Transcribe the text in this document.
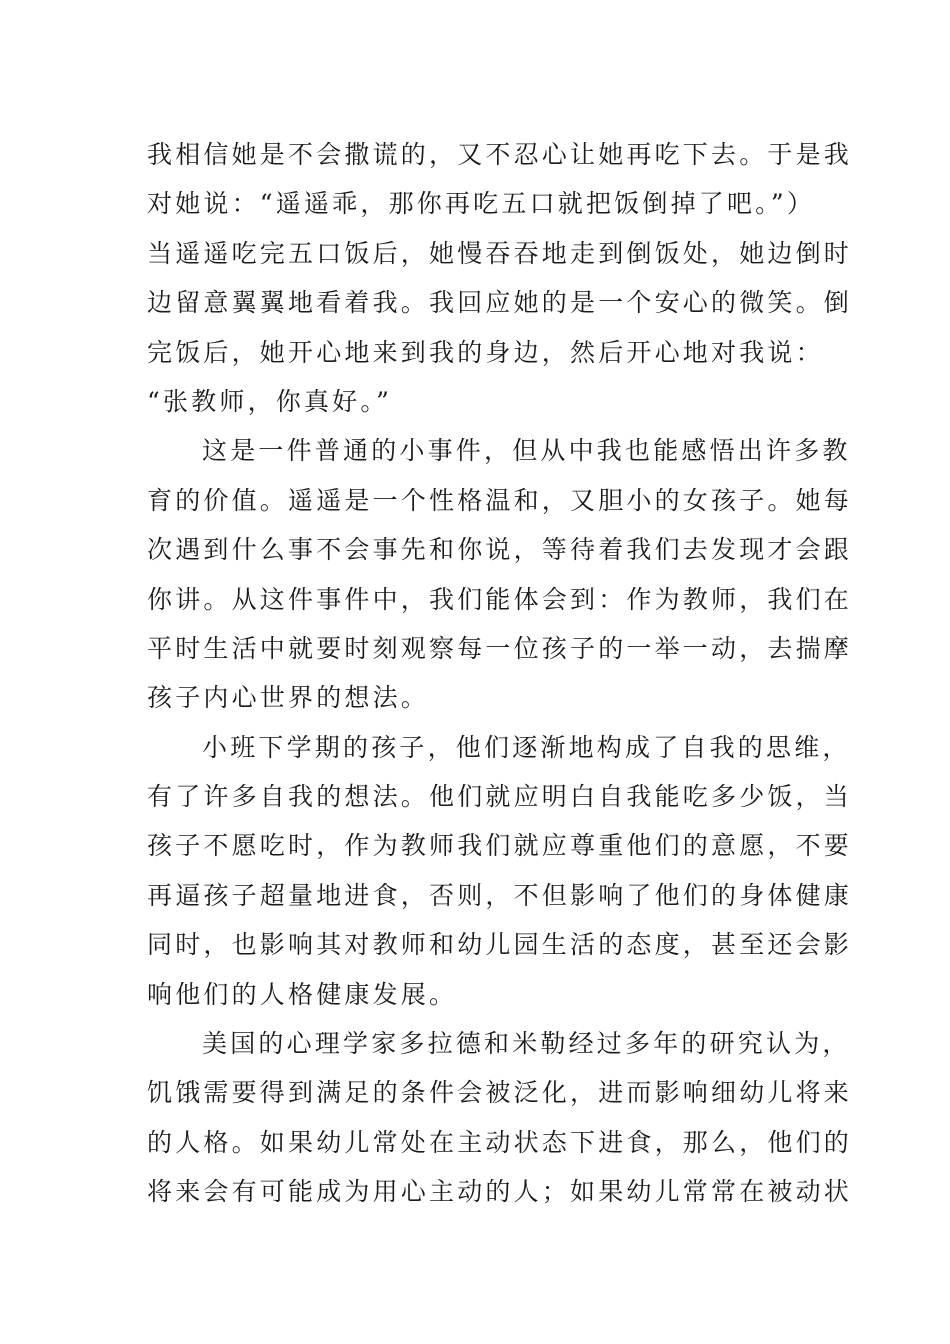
我相信她是不会撒谎的，又不忍心让她再吃下去。于是我
对她说：“遥遥乖，那你再吃五口就把饭倒掉了吧。”）
当遥遥吃完五口饭后，她慢吞吞地走到倒饭处，她边倒时
边留意翼翼地看着我。我回应她的是一个安心的微笑。倒
完饭后，她开心地来到我的身边，然后开心地对我说：
“张教师，你真好。”
这是一件普通的小事件，但从中我也能感悟出许多教
育的价值。遥遥是一个性格温和，又胆小的女孩子。她每
次遇到什么事不会事先和你说，等待着我们去发现才会跟
你讲。从这件事件中，我们能体会到：作为教师，我们在
平时生活中就要时刻观察每一位孩子的一举一动，去揣摩
孩子内心世界的想法。
小班下学期的孩子，他们逐渐地构成了自我的思维，
有了许多自我的想法。他们就应明白自我能吃多少饭，当
孩子不愿吃时，作为教师我们就应尊重他们的意愿，不要
再逼孩子超量地进食，否则，不但影响了他们的身体健康
同时，也影响其对教师和幼儿园生活的态度，甚至还会影
响他们的人格健康发展。
美国的心理学家多拉德和米勒经过多年的研究认为，
饥饿需要得到满足的条件会被泛化，进而影响细幼儿将来
的人格。如果幼儿常处在主动状态下进食，那么，他们的
将来会有可能成为用心主动的人；如果幼儿常常在被动状
